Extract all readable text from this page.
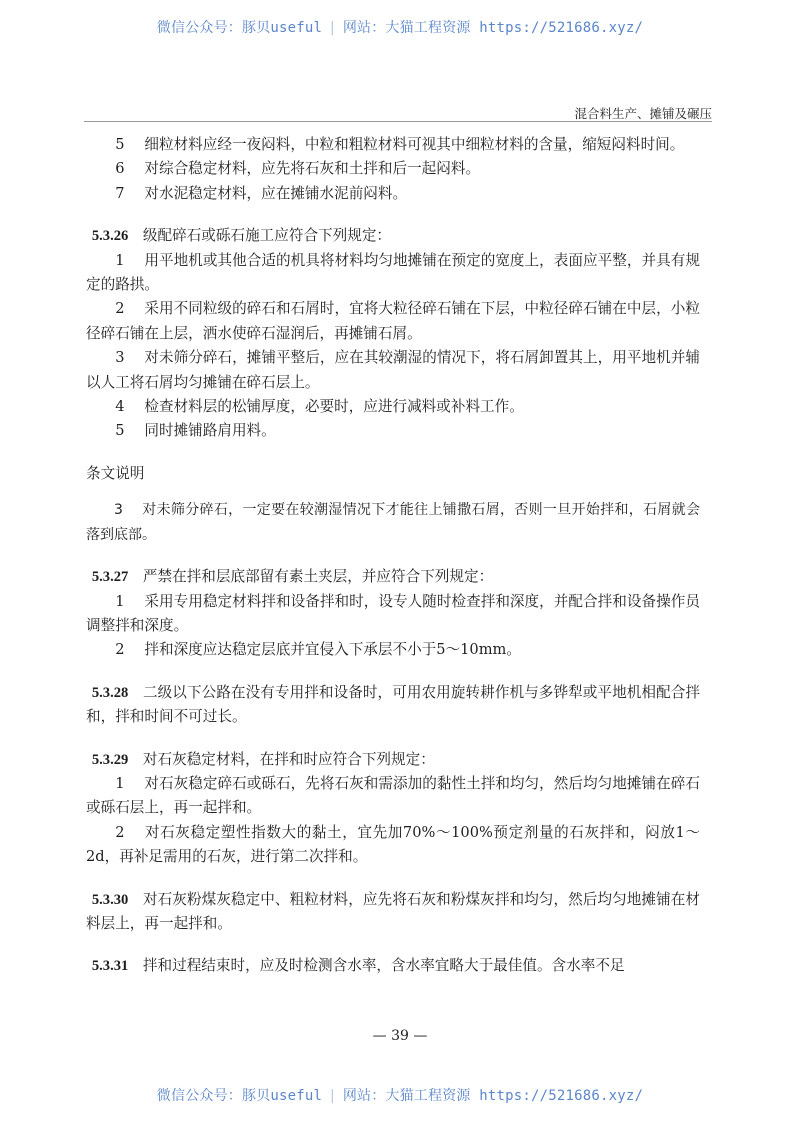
微信公众号：豚贝useful | 网站：大猫工程资源 https://521686.xyz/
混合料生产、摊铺及碾压

5 细粒材料应经一夜闷料，中粒和粗粒材料可视其中细粒材料的含量，缩短闷料时间。

6 对综合稳定材料，应先将石灰和土拌和后一起闷料。

7 对水泥稳定材料，应在摊铺水泥前闷料。

5.3.26 级配碎石或砾石施工应符合下列规定：

1 用平地机或其他合适的机具将材料均匀地摊铺在预定的宽度上，表面应平整，并具有规定的路拱。

2 采用不同粒级的碎石和石屑时，宜将大粒径碎石铺在下层，中粒径碎石铺在中层，小粒径碎石铺在上层，洒水使碎石湿润后，再摊铺石屑。

3 对未筛分碎石，摊铺平整后，应在其较潮湿的情况下，将石屑卸置其上，用平地机并辅以人工将石屑均匀摊铺在碎石层上。

4 检查材料层的松铺厚度，必要时，应进行减料或补料工作。

5 同时摊铺路肩用料。

条文说明

3 对未筛分碎石，一定要在较潮湿情况下才能往上铺撒石屑，否则一旦开始拌和，石屑就会落到底部。

5.3.27 严禁在拌和层底部留有素土夹层，并应符合下列规定：

1 采用专用稳定材料拌和设备拌和时，设专人随时检查拌和深度，并配合拌和设备操作员调整拌和深度。

2 拌和深度应达稳定层底并宜侵入下承层不小于5～10mm。

5.3.28 二级以下公路在没有专用拌和设备时，可用农用旋转耕作机与多铧犁或平地机相配合拌和，拌和时间不可过长。

5.3.29 对石灰稳定材料，在拌和时应符合下列规定：

1 对石灰稳定碎石或砾石，先将石灰和需添加的黏性土拌和均匀，然后均匀地摊铺在碎石或砾石层上，再一起拌和。

2 对石灰稳定塑性指数大的黏土，宜先加70%～100%预定剂量的石灰拌和，闷放1～2d，再补足需用的石灰，进行第二次拌和。

5.3.30 对石灰粉煤灰稳定中、粗粒材料，应先将石灰和粉煤灰拌和均匀，然后均匀地摊铺在材料层上，再一起拌和。

5.3.31 拌和过程结束时，应及时检测含水率，含水率宜略大于最佳值。含水率不足

— 39 —
微信公众号：豚贝useful | 网站：大猫工程资源 https://521686.xyz/
